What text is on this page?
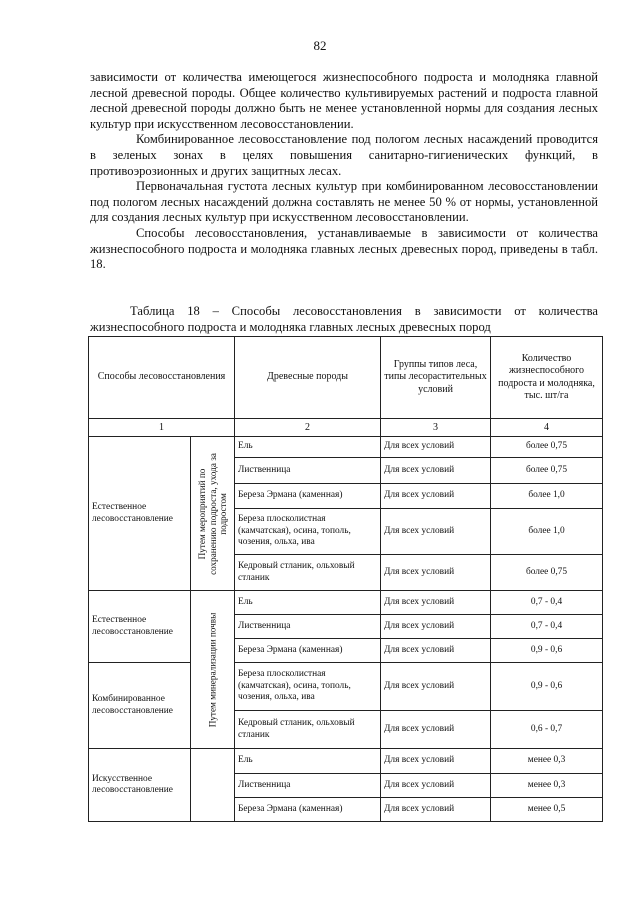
82

зависимости от количества имеющегося жизнеспособного подроста и молодняка главной лесной древесной породы. Общее количество культивируемых растений и подроста главной лесной древесной породы должно быть не менее установленной нормы для создания лесных культур при искусственном лесовосстановлении.

Комбинированное лесовосстановление под пологом лесных насаждений проводится в зеленых зонах в целях повышения санитарно-гигиенических функций, в противоэрозионных и других защитных лесах.

Первоначальная густота лесных культур при комбинированном лесовосстановлении под пологом лесных насаждений должна составлять не менее 50 % от нормы, установленной для создания лесных культур при искусственном лесовосстановлении.

Способы лесовосстановления, устанавливаемые в зависимости от количества жизнеспособного подроста и молодняка главных лесных древесных пород, приведены в табл. 18.

Таблица 18 – Способы лесовосстановления в зависимости от количества жизнеспособного подроста и молодняка главных лесных древесных пород
Способы лесовосстановления		Древесные породы	Группы типов леса, типы лесорастительных условий	Количество жизнеспособного подроста и молодняка, тыс. шт/га
1		2	3	4
Естественное лесовосстановление	Путем мероприятий по сохранению подроста, ухода за подростом	Ель	Для всех условий	более 0,75
		Лиственница	Для всех условий	более 0,75
		Береза Эрмана (каменная)	Для всех условий	более 1,0
		Береза плосколистная (камчатская), осина, тополь, чозения, ольха, ива	Для всех условий	более 1,0
		Кедровый стланик, ольховый стланик	Для всех условий	более 0,75
Естественное лесовосстановление	Путем минерализации почвы	Ель	Для всех условий	0,7 - 0,4
		Лиственница	Для всех условий	0,7 - 0,4
		Береза Эрмана (каменная)	Для всех условий	0,9 - 0,6
Комбинированное лесовосстановление		Береза плосколистная (камчатская), осина, тополь, чозения, ольха, ива	Для всех условий	0,9 - 0,6
		Кедровый стланик, ольховый стланик	Для всех условий	0,6 - 0,7
Искусственное лесовосстановление		Ель	Для всех условий	менее 0,3
		Лиственница	Для всех условий	менее 0,3
		Береза Эрмана (каменная)	Для всех условий	менее 0,5
